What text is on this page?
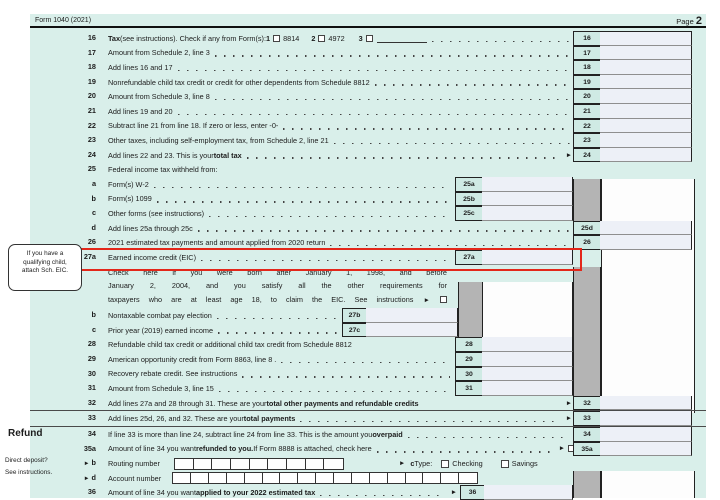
Form 1040 (2021)	Page 2
16	Tax (see instructions). Check if any from Form(s): 1 8814 2 4972 3	16
17	Amount from Schedule 2, line 3	17
18	Add lines 16 and 17	18
19	Nonrefundable child tax credit or credit for other dependents from Schedule 8812	19
20	Amount from Schedule 3, line 8	20
21	Add lines 19 and 20	21
22	Subtract line 21 from line 18. If zero or less, enter -0-	22
23	Other taxes, including self-employment tax, from Schedule 2, line 21	23
24	Add lines 22 and 23. This is your total tax	►	24
25	Federal income tax withheld from:
a	Form(s) W-2	25a
b	Form(s) 1099	25b
c	Other forms (see instructions)	25c
d	Add lines 25a through 25c	25d
26	2021 estimated tax payments and amount applied from 2020 return	26
27a	Earned income credit (EIC)	27a
Check here if you were born after January 1, 1998, and before
January 2, 2004, and you satisfy all the other requirements for
taxpayers who are at least age 18, to claim the EIC. See instructions ►
b	Nontaxable combat pay election	27b
c	Prior year (2019) earned income	27c
28	Refundable child tax credit or additional child tax credit from Schedule 8812	28
29	American opportunity credit from Form 8863, line 8 .	29
30	Recovery rebate credit. See instructions	30
31	Amount from Schedule 3, line 15	31
32	Add lines 27a and 28 through 31. These are your total other payments and refundable credits	►	32
33	Add lines 25d, 26, and 32. These are your total payments	►	33
34	If line 33 is more than line 24, subtract line 24 from line 33. This is the amount you overpaid	34
35a	Amount of line 34 you want refunded to you. If Form 8888 is attached, check here	►	35a
► b	Routing number	► c Type:	Checking	Savings
► d	Account number
36	Amount of line 34 you want applied to your 2022 estimated tax	►	36
If you have a
qualifying child,
attach Sch. EIC.
Refund
Direct deposit?
See instructions.
